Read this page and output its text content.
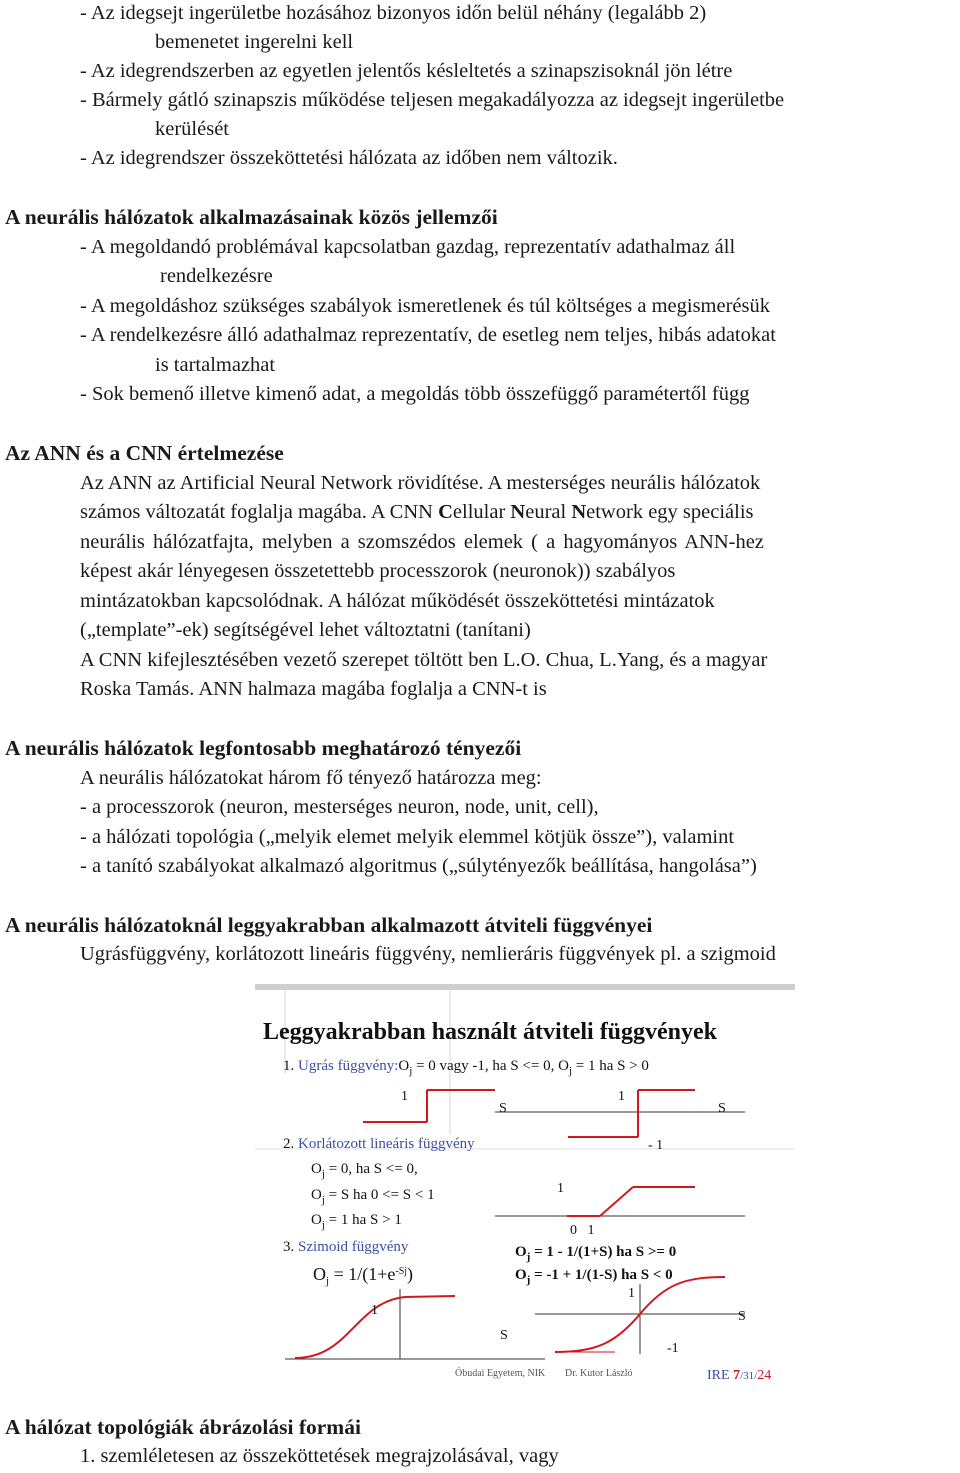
- Az idegsejt ingerületbe hozásához bizonyos időn belül néhány (legalább 2)
bemenetet ingerelni kell
- Az idegrendszerben az egyetlen jelentős késleltetés a szinapszisoknál jön létre
- Bármely gátló szinapszis működése teljesen megakadályozza az idegsejt ingerületbe
kerülését
- Az idegrendszer összeköttetési hálózata az időben nem változik.
A neurális hálózatok alkalmazásainak közös jellemzői
- A megoldandó problémával kapcsolatban gazdag, reprezentatív adathalmaz áll
rendelkezésre
- A megoldáshoz szükséges szabályok ismeretlenek és túl költséges a megismerésük
- A rendelkezésre álló adathalmaz reprezentatív, de esetleg nem teljes, hibás adatokat
is tartalmazhat
- Sok bemenő illetve kimenő adat, a megoldás több összefüggő paramétertől függ
Az ANN és a CNN értelmezése
Az ANN az Artificial Neural Network rövidítése. A mesterséges neurális hálózatok
számos változatát foglalja magába. A CNN Cellular Neural Network egy speciális
neurális hálózatfajta, melyben a szomszédos elemek ( a hagyományos ANN-hez
képest akár lényegesen összetettebb processzorok (neuronok)) szabályos
mintázatokban kapcsolódnak. A hálózat működését összeköttetési mintázatok
(„template”-ek) segítségével lehet változtatni (tanítani)
A CNN kifejlesztésében vezető szerepet töltött ben L.O. Chua, L.Yang, és a magyar
Roska Tamás. ANN halmaza magába foglalja a CNN-t is
A neurális hálózatok legfontosabb meghatározó tényezői
A neurális hálózatokat három fő tényező határozza meg:
- a processzorok (neuron, mesterséges neuron, node, unit, cell),
- a hálózati topológia („melyik elemet melyik elemmel kötjük össze”), valamint
- a tanító szabályokat alkalmazó algoritmus („súlytényezők beállítása, hangolása”)
A neurális hálózatoknál leggyakrabban alkalmazott átviteli függvényei
Ugrásfüggvény, korlátozott lineáris függvény, nemlieráris függvények pl. a szigmoid
Leggyakrabban használt átviteli függvények
1. Ugrás $függvény:O_j = 0$ vagy -1, ha S <= 0, $O_j = 1$ ha S > 0
1
S
1
S
- 1
2. Korlátozott lineáris függvény
$O_j = 0$, ha S <= 0,
$O_j = S$ ha 0 <= S < 1
$O_j = 1$ ha S > 1
1
0   1
3. Szimoid függvény
$O_j = 1/(1+e^{-Sj})$
$O_j = 1 - 1/(1+S)$ ha S >= 0
$O_j = -1 + 1/(1-S)$ ha S < 0
1
S
1
S
-1
Óbudai Egyetem, NIK Dr. Kutor László	IRE 7/31/24
A hálózat topológiák ábrázolási formái
1. szemléletesen az összeköttetések megrajzolásával, vagy
